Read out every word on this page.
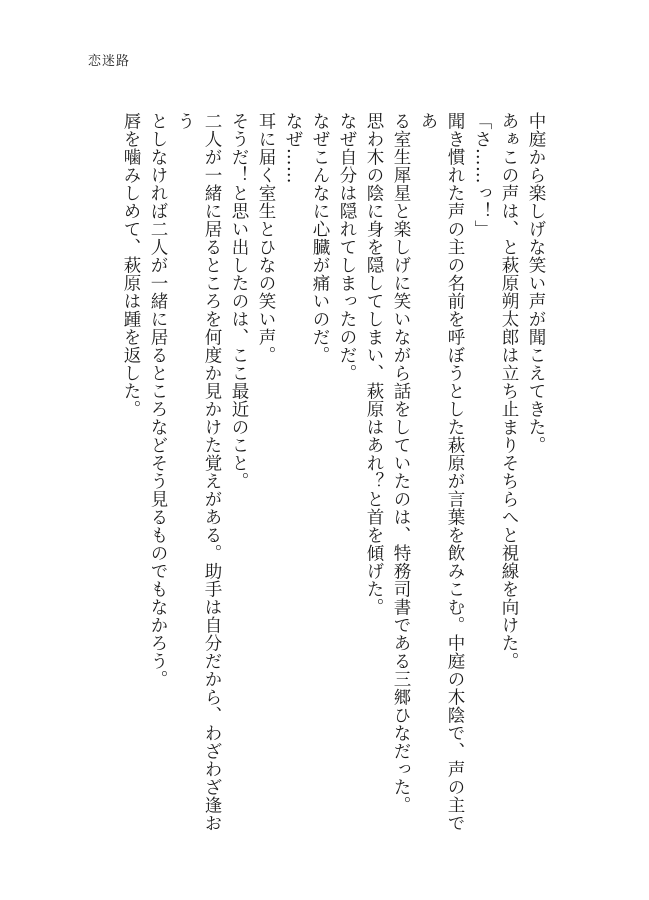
恋迷路

中庭から楽しげな笑い声が聞こえてきた。

あぁこの声は、と萩原朔太郎は立ち止まりそちらへと視線を向けた。

「さ……っ！」

聞き慣れた声の主の名前を呼ぼうとした萩原が言葉を飲みこむ。中庭の木陰で、声の主であ
る室生犀星と楽しげに笑いながら話をしていたのは、特務司書である三郷ひなだった。

思わ木の陰に身を隠してしまい、萩原はあれ？と首を傾げた。

なぜ自分は隠れてしまったのだ。

なぜこんなに心臓が痛いのだ。

なぜ……

耳に届く室生とひなの笑い声。

そうだ！と思い出したのは、ここ最近のこと。

二人が一緒に居るところを何度か見かけた覚えがある。助手は自分だから、わざわざ逢おう
としなければ二人が一緒に居るところなどそう見るものでもなかろう。

唇を噛みしめて、萩原は踵を返した。
